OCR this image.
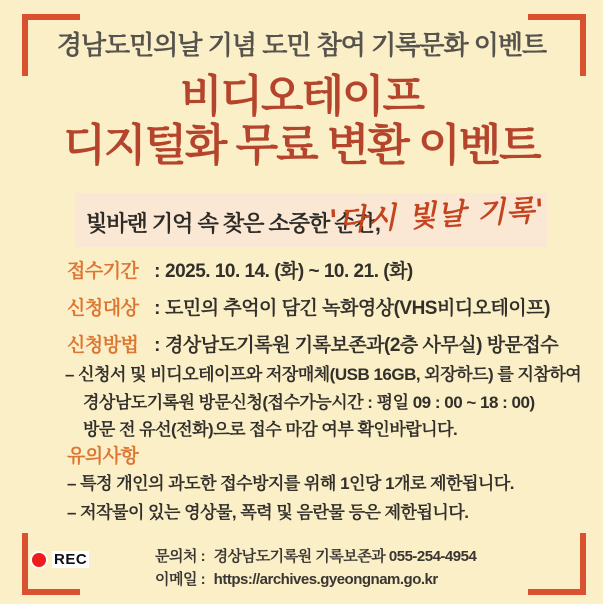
경남도민의날 기념 도민 참여 기록문화 이벤트
비디오테이프
디지털화 무료 변환 이벤트
빛바랜 기억 속 찾은 소중한 순간,
'다시 빛날 기록'
접수기간 : 2025. 10. 14. (화) ~ 10. 21. (화)
신청대상 : 도민의 추억이 담긴 녹화영상(VHS비디오테이프)
신청방법 : 경상남도기록원 기록보존과(2층 사무실) 방문접수
– 신청서 및 비디오테이프와 저장매체(USB 16GB, 외장하드) 를 지참하여
경상남도기록원 방문신청(접수가능시간 : 평일 09 : 00 ~ 18 : 00)
방문 전 유선(전화)으로 접수 마감 여부 확인바랍니다.
유의사항
– 특정 개인의 과도한 접수방지를 위해 1인당 1개로 제한됩니다.
– 저작물이 있는 영상물, 폭력 및 음란물 등은 제한됩니다.
문의처 : 경상남도기록원 기록보존과 055-254-4954
이메일 : https://archives.gyeongnam.go.kr
REC
